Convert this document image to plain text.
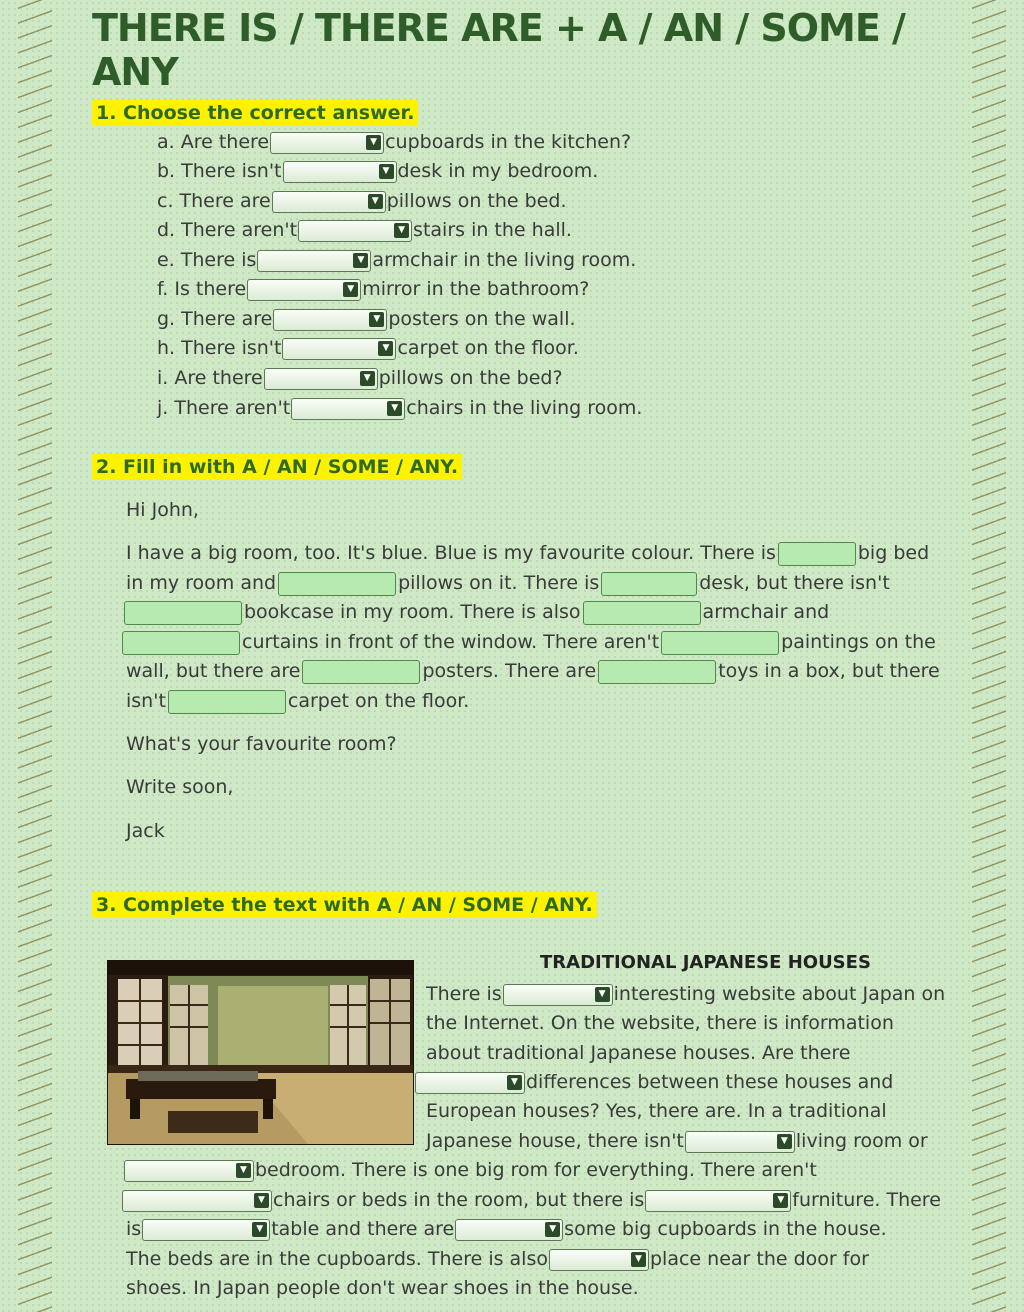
THERE IS / THERE ARE + A / AN / SOME / ANY
1. Choose the correct answer.
a. Are there	▼ cupboards in the kitchen?
b. There isn't	▼ desk in my bedroom.
c. There are	▼ pillows on the bed.
d. There aren't	▼ stairs in the hall.
e. There is	▼ armchair in the living room.
f. Is there	▼ mirror in the bathroom?
g. There are	▼ posters on the wall.
h. There isn't	▼ carpet on the floor.
i. Are there	▼ pillows on the bed?
j. There aren't	▼ chairs in the living room.
2. Fill in with A / AN / SOME / ANY.
Hi John,
I have a big room, too. It's blue. Blue is my favourite colour. There is	big bed
in my room and	pillows on it. There is	desk, but there isn't
bookcase in my room. There is also	armchair and
curtains in front of the window. There aren't	paintings on the
wall, but there are	posters. There are	toys in a box, but there
isn't	carpet on the floor.
What's your favourite room?
Write soon,
Jack
3. Complete the text with A / AN / SOME / ANY.
TRADITIONAL JAPANESE HOUSES
There is	▼ interesting website about Japan on
the Internet. On the website, there is information
about traditional Japanese houses. Are there
▼ differences between these houses and
European houses? Yes, there are. In a traditional
Japanese house, there isn't	▼ living room or
▼ bedroom. There is one big rom for everything. There aren't
▼ chairs or beds in the room, but there is	▼ furniture. There
is	▼ table and there are	▼ some big cupboards in the house.
The beds are in the cupboards. There is also	▼ place near the door for
shoes. In Japan people don't wear shoes in the house.
